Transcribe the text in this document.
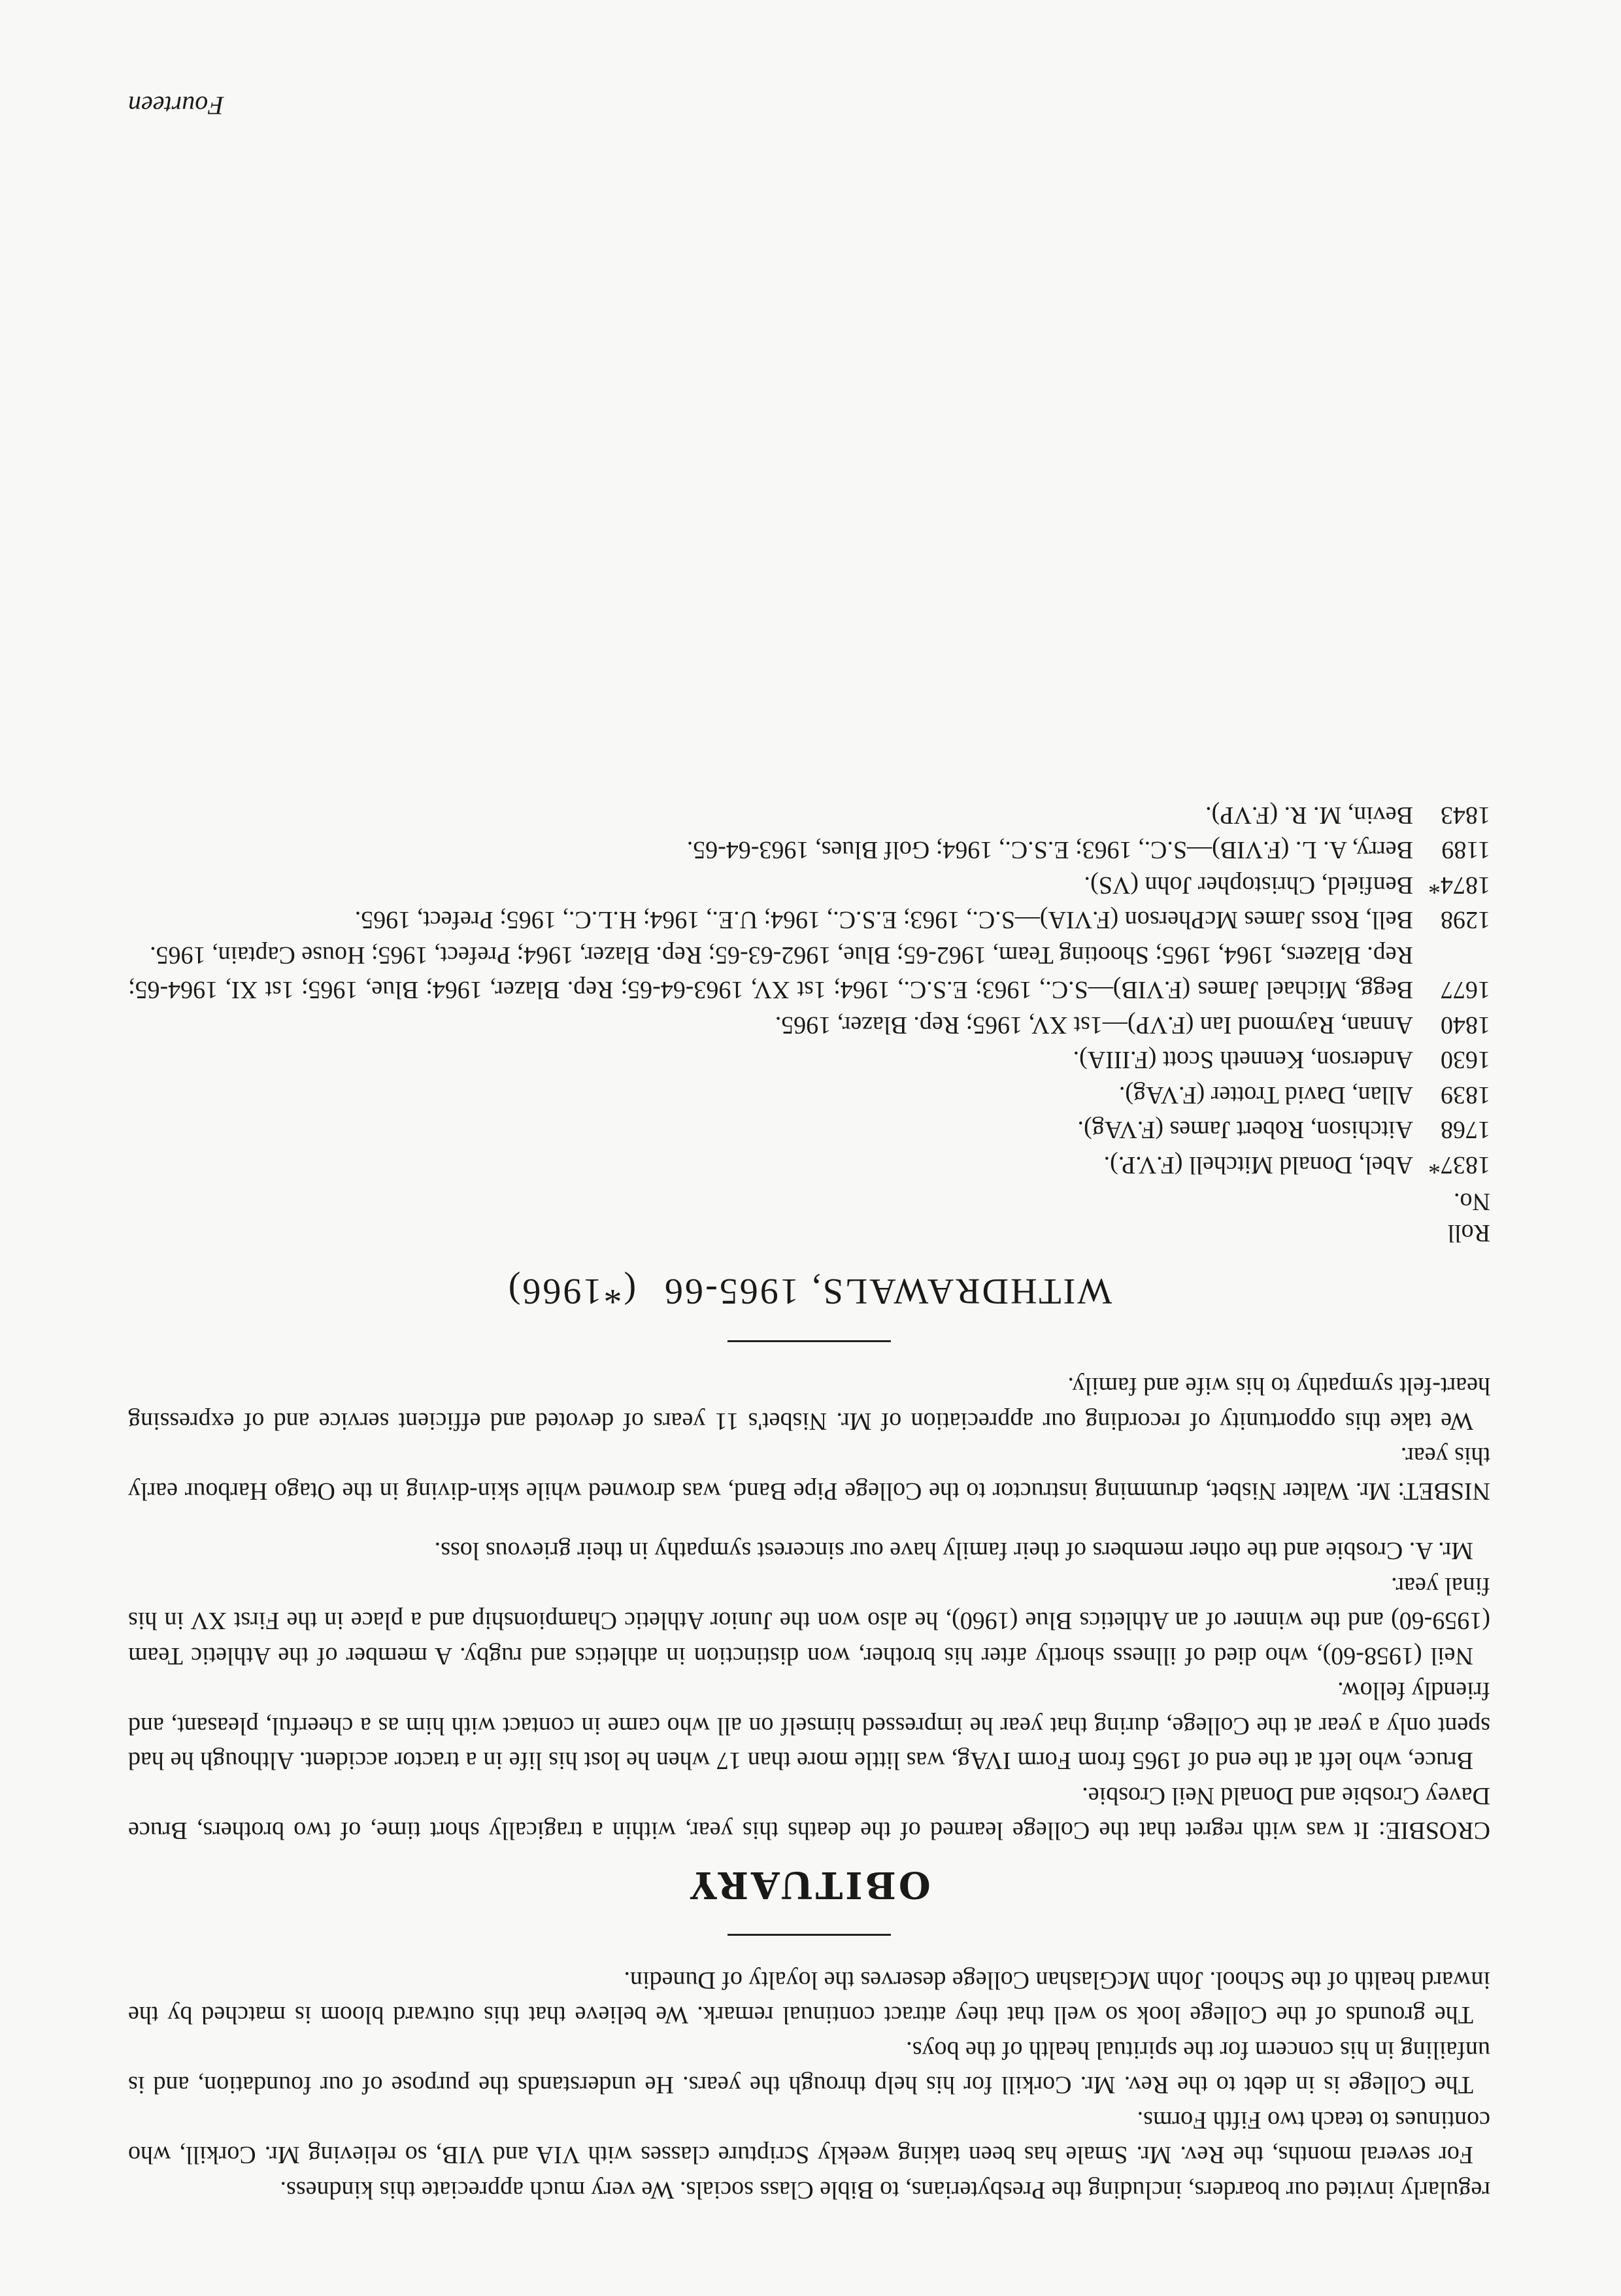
regularly invited our boarders, including the Presbyterians, to Bible Class socials. We very much appreciate this kindness.

For several months, the Rev. Mr. Smale has been taking weekly Scripture classes with VIA and VIB, so relieving Mr. Corkill, who continues to teach two Fifth Forms.

The College is in debt to the Rev. Mr. Corkill for his help through the years. He understands the purpose of our foundation, and is unfailing in his concern for the spiritual health of the boys.

The grounds of the College look so well that they attract continual remark. We believe that this outward bloom is matched by the inward health of the School. John McGlashan College deserves the loyalty of Dunedin.

OBITUARY

CROSBIE: It was with regret that the College learned of the deaths this year, within a tragically short time, of two brothers, Bruce Davey Crosbie and Donald Neil Crosbie.

Bruce, who left at the end of 1965 from Form IVAg, was little more than 17 when he lost his life in a tractor accident. Although he had spent only a year at the College, during that year he impressed himself on all who came in contact with him as a cheerful, pleasant, and friendly fellow.

Neil (1958-60), who died of illness shortly after his brother, won distinction in athletics and rugby. A member of the Athletic Team (1959-60) and the winner of an Athletics Blue (1960), he also won the Junior Athletic Championship and a place in the First XV in his final year.

Mr. A. Crosbie and the other members of their family have our sincerest sympathy in their grievous loss.

NISBET: Mr. Walter Nisbet, drumming instructor to the College Pipe Band, was drowned while skin-diving in the Otago Harbour early this year.

We take this opportunity of recording our appreciation of Mr. Nisbet's 11 years of devoted and efficient service and of expressing heart-felt sympathy to his wife and family.

WITHDRAWALS, 1965-66 (*1966)
Roll
No.
1837*
Abel, Donald Mitchell (F.V.P.).
1768
Aitchison, Robert James (F.VAg).
1839
Allan, David Trotter (F.VAg).
1630
Anderson, Kenneth Scott (F.IIIA).
1840
Annan, Raymond Ian (F.VP)—1st XV, 1965; Rep. Blazer, 1965.
1677
Begg, Michael James (F.VIB)—S.C., 1963; E.S.C., 1964; 1st XV, 1963-64-65; Rep. Blazer, 1964; Blue, 1965; 1st XI, 1964-65; Rep. Blazers, 1964, 1965; Shooting Team, 1962-65; Blue, 1962-63-65; Rep. Blazer, 1964; Prefect, 1965; House Captain, 1965.
1298
Bell, Ross James McPherson (F.VIA)—S.C., 1963; E.S.C., 1964; U.E., 1964; H.L.C., 1965; Prefect, 1965.
1874*
Benfield, Christopher John (VS).
1189
Berry, A. L. (F.VIB)—S.C., 1963; E.S.C., 1964; Golf Blues, 1963-64-65.
1843
Bevin, M. R. (F.VP).
Fourteen
